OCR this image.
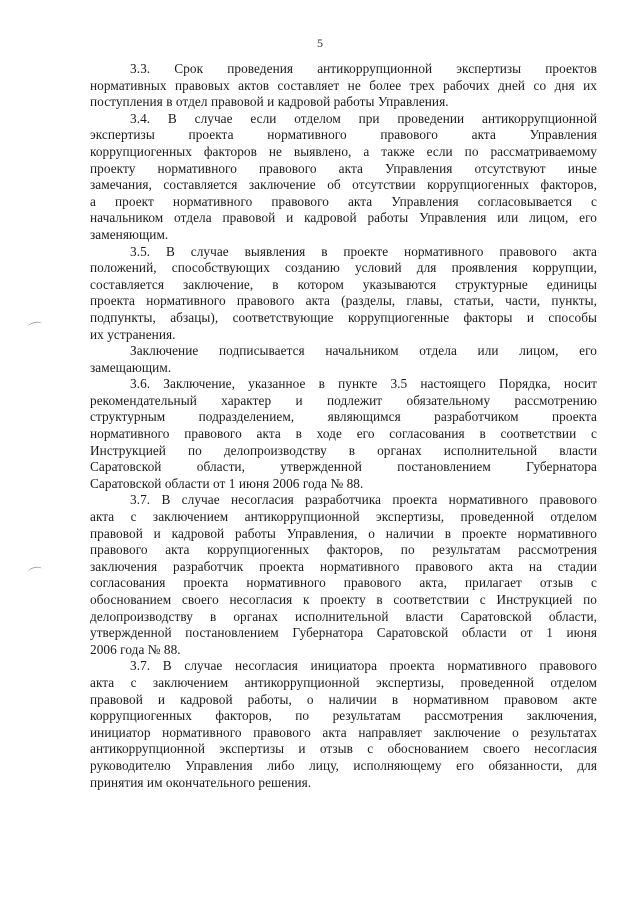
5
3.3. Срок проведения антикоррупционной экспертизы проектов
нормативных правовых актов составляет не более трех рабочих дней со дня их
поступления в отдел правовой и кадровой работы Управления.
3.4. В случае если отделом при проведении антикоррупционной
экспертизы проекта нормативного правового акта Управления
коррупциогенных факторов не выявлено, а также если по рассматриваемому
проекту нормативного правового акта Управления отсутствуют иные
замечания, составляется заключение об отсутствии коррупциогенных факторов,
а проект нормативного правового акта Управления согласовывается с
начальником отдела правовой и кадровой работы Управления или лицом, его
заменяющим.
3.5. В случае выявления в проекте нормативного правового акта
положений, способствующих созданию условий для проявления коррупции,
составляется заключение, в котором указываются структурные единицы
проекта нормативного правового акта (разделы, главы, статьи, части, пункты,
подпункты, абзацы), соответствующие коррупциогенные факторы и способы
их устранения.
Заключение подписывается начальником отдела или лицом, его
замещающим.
3.6. Заключение, указанное в пункте 3.5 настоящего Порядка, носит
рекомендательный характер и подлежит обязательному рассмотрению
структурным подразделением, являющимся разработчиком проекта
нормативного правового акта в ходе его согласования в соответствии с
Инструкцией по делопроизводству в органах исполнительной власти
Саратовской области, утвержденной постановлением Губернатора
Саратовской области от 1 июня 2006 года № 88.
3.7. В случае несогласия разработчика проекта нормативного правового
акта с заключением антикоррупционной экспертизы, проведенной отделом
правовой и кадровой работы Управления, о наличии в проекте нормативного
правового акта коррупциогенных факторов, по результатам рассмотрения
заключения разработчик проекта нормативного правового акта на стадии
согласования проекта нормативного правового акта, прилагает отзыв с
обоснованием своего несогласия к проекту в соответствии с Инструкцией по
делопроизводству в органах исполнительной власти Саратовской области,
утвержденной постановлением Губернатора Саратовской области от 1 июня
2006 года № 88.
3.7. В случае несогласия инициатора проекта нормативного правового
акта с заключением антикоррупционной экспертизы, проведенной отделом
правовой и кадровой работы, о наличии в нормативном правовом акте
коррупциогенных факторов, по результатам рассмотрения заключения,
инициатор нормативного правового акта направляет заключение о результатах
антикоррупционной экспертизы и отзыв с обоснованием своего несогласия
руководителю Управления либо лицу, исполняющему его обязанности, для
принятия им окончательного решения.
